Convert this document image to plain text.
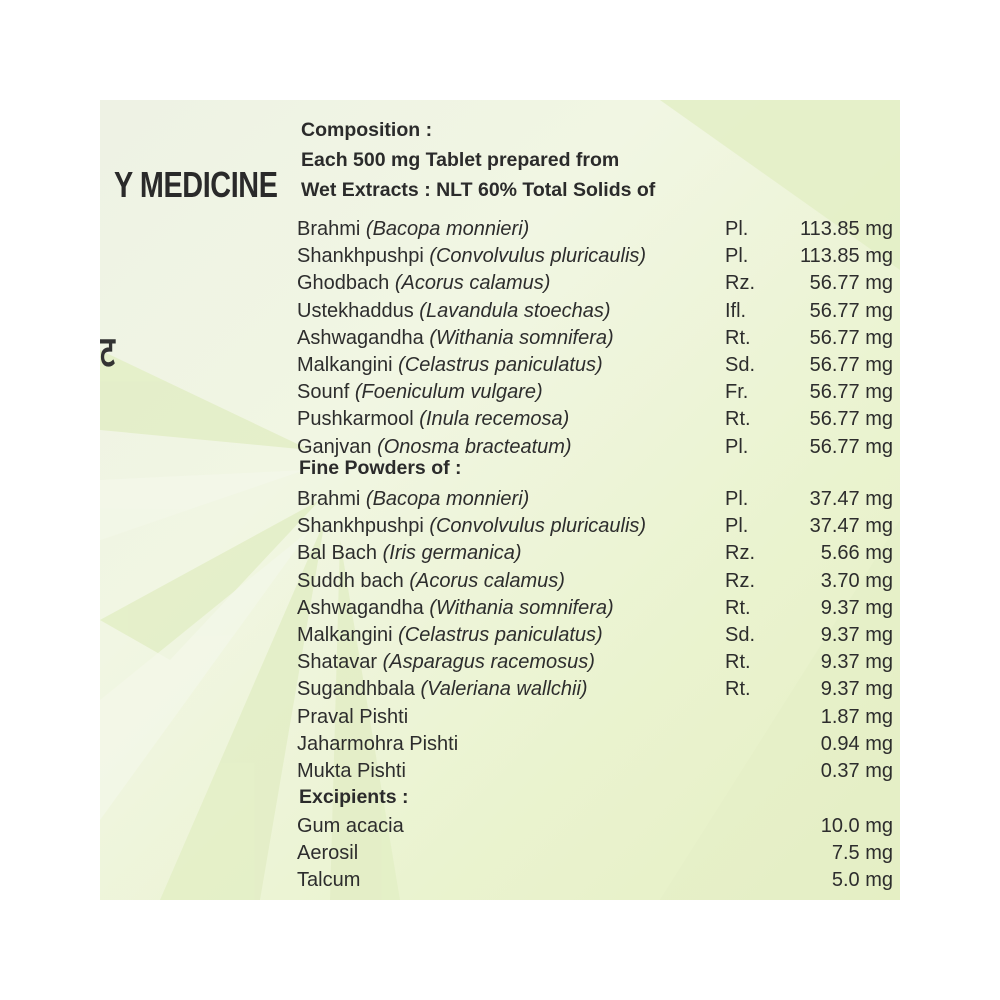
Y MEDICINE
ट
Composition :
Each 500 mg Tablet prepared from
Wet Extracts : NLT 60% Total Solids of
Brahmi (Bacopa monnieri)	Pl.	113.85 mg
Shankhpushpi (Convolvulus pluricaulis)	Pl.	113.85 mg
Ghodbach (Acorus calamus)	Rz.	56.77 mg
Ustekhaddus (Lavandula stoechas)	Ifl.	56.77 mg
Ashwagandha (Withania somnifera)	Rt.	56.77 mg
Malkangini (Celastrus paniculatus)	Sd.	56.77 mg
Sounf (Foeniculum vulgare)	Fr.	56.77 mg
Pushkarmool (Inula recemosa)	Rt.	56.77 mg
Ganjvan (Onosma bracteatum)	Pl.	56.77 mg
Fine Powders of :
Brahmi (Bacopa monnieri)	Pl.	37.47 mg
Shankhpushpi (Convolvulus pluricaulis)	Pl.	37.47 mg
Bal Bach (Iris germanica)	Rz.	5.66 mg
Suddh bach (Acorus calamus)	Rz.	3.70 mg
Ashwagandha (Withania somnifera)	Rt.	9.37 mg
Malkangini (Celastrus paniculatus)	Sd.	9.37 mg
Shatavar (Asparagus racemosus)	Rt.	9.37 mg
Sugandhbala (Valeriana wallchii)	Rt.	9.37 mg
Praval Pishti	1.87 mg
Jaharmohra Pishti	0.94 mg
Mukta Pishti	0.37 mg
Excipients :
Gum acacia	10.0 mg
Aerosil	7.5 mg
Talcum	5.0 mg
